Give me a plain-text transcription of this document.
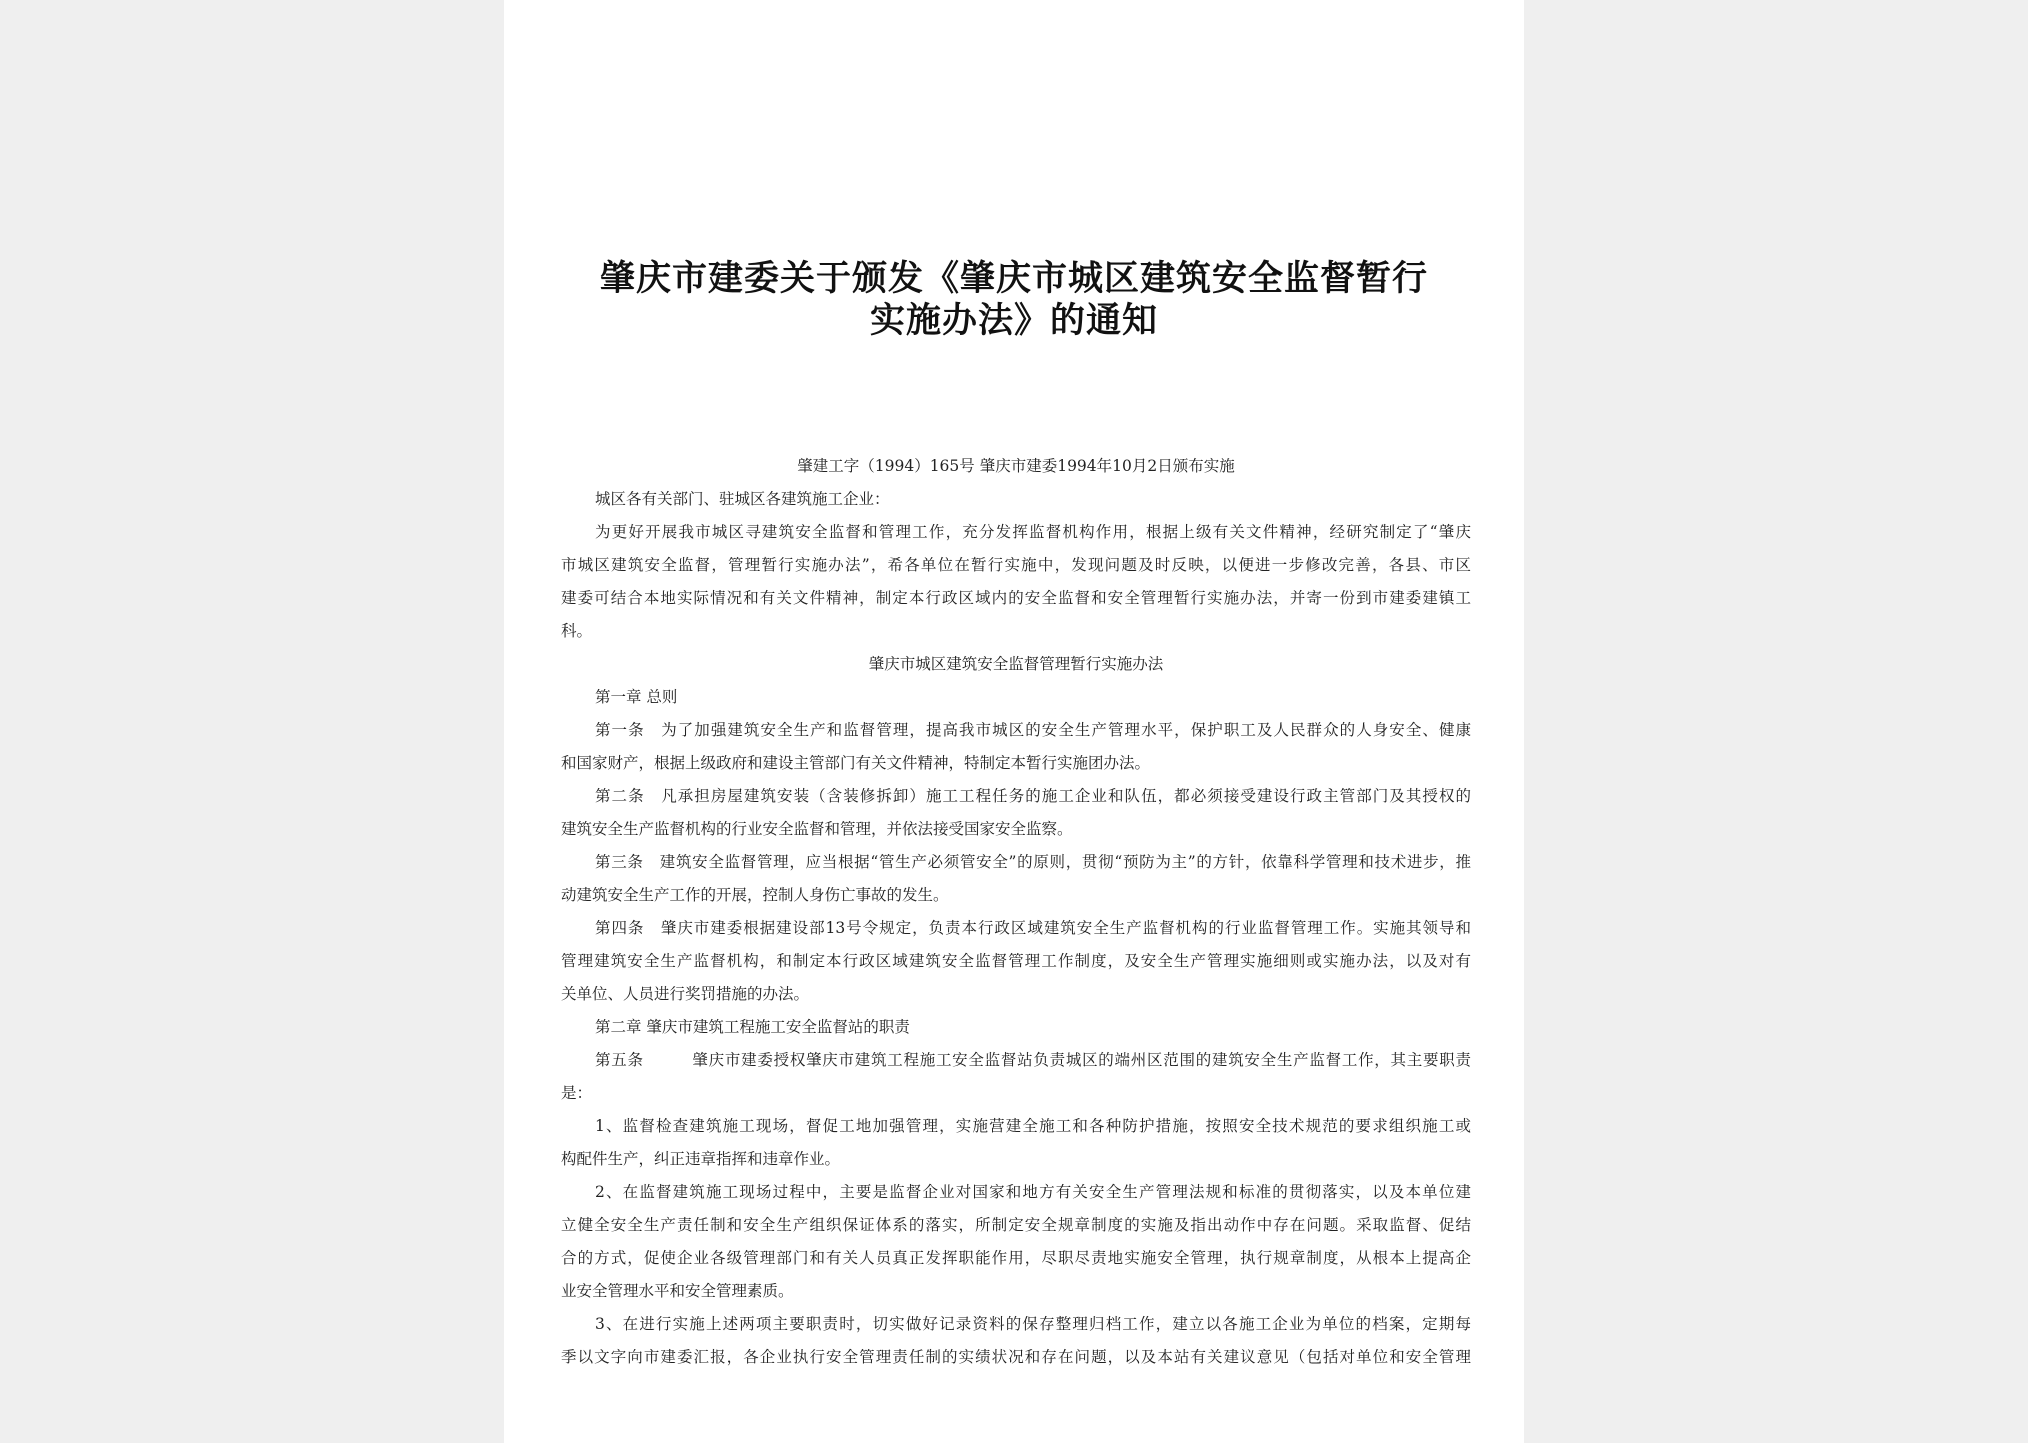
肇庆市建委关于颁发《肇庆市城区建筑安全监督暂行
实施办法》的通知
肇建工字（1994）165号 肇庆市建委1994年10月2日颁布实施
城区各有关部门、驻城区各建筑施工企业：
为更好开展我市城区寻建筑安全监督和管理工作，充分发挥监督机构作用，根据上级有关文件精神，经研究制定了“肇庆
市城区建筑安全监督，管理暂行实施办法”，希各单位在暂行实施中，发现问题及时反映，以便进一步修改完善，各县、市区
建委可结合本地实际情况和有关文件精神，制定本行政区域内的安全监督和安全管理暂行实施办法，并寄一份到市建委建镇工
科。
肇庆市城区建筑安全监督管理暂行实施办法
第一章 总则
第一条　为了加强建筑安全生产和监督管理，提高我市城区的安全生产管理水平，保护职工及人民群众的人身安全、健康
和国家财产，根据上级政府和建设主管部门有关文件精神，特制定本暂行实施团办法。
第二条　凡承担房屋建筑安装（含装修拆卸）施工工程任务的施工企业和队伍，都必须接受建设行政主管部门及其授权的
建筑安全生产监督机构的行业安全监督和管理，并依法接受国家安全监察。
第三条　建筑安全监督管理，应当根据“管生产必须管安全”的原则，贯彻“预防为主”的方针，依靠科学管理和技术进步，推
动建筑安全生产工作的开展，控制人身伤亡事故的发生。
第四条　肇庆市建委根据建设部13号令规定，负责本行政区域建筑安全生产监督机构的行业监督管理工作。实施其领导和
管理建筑安全生产监督机构，和制定本行政区域建筑安全监督管理工作制度，及安全生产管理实施细则或实施办法，以及对有
关单位、人员进行奖罚措施的办法。
第二章 肇庆市建筑工程施工安全监督站的职责
第五条　　　肇庆市建委授权肇庆市建筑工程施工安全监督站负责城区的端州区范围的建筑安全生产监督工作，其主要职责
是：
1、监督检查建筑施工现场，督促工地加强管理，实施营建全施工和各种防护措施，按照安全技术规范的要求组织施工或
构配件生产，纠正违章指挥和违章作业。
2、在监督建筑施工现场过程中，主要是监督企业对国家和地方有关安全生产管理法规和标准的贯彻落实，以及本单位建
立健全安全生产责任制和安全生产组织保证体系的落实，所制定安全规章制度的实施及指出动作中存在问题。采取监督、促结
合的方式，促使企业各级管理部门和有关人员真正发挥职能作用，尽职尽责地实施安全管理，执行规章制度，从根本上提高企
业安全管理水平和安全管理素质。
3、在进行实施上述两项主要职责时，切实做好记录资料的保存整理归档工作，建立以各施工企业为单位的档案，定期每
季以文字向市建委汇报，各企业执行安全管理责任制的实绩状况和存在问题，以及本站有关建议意见（包括对单位和安全管理
